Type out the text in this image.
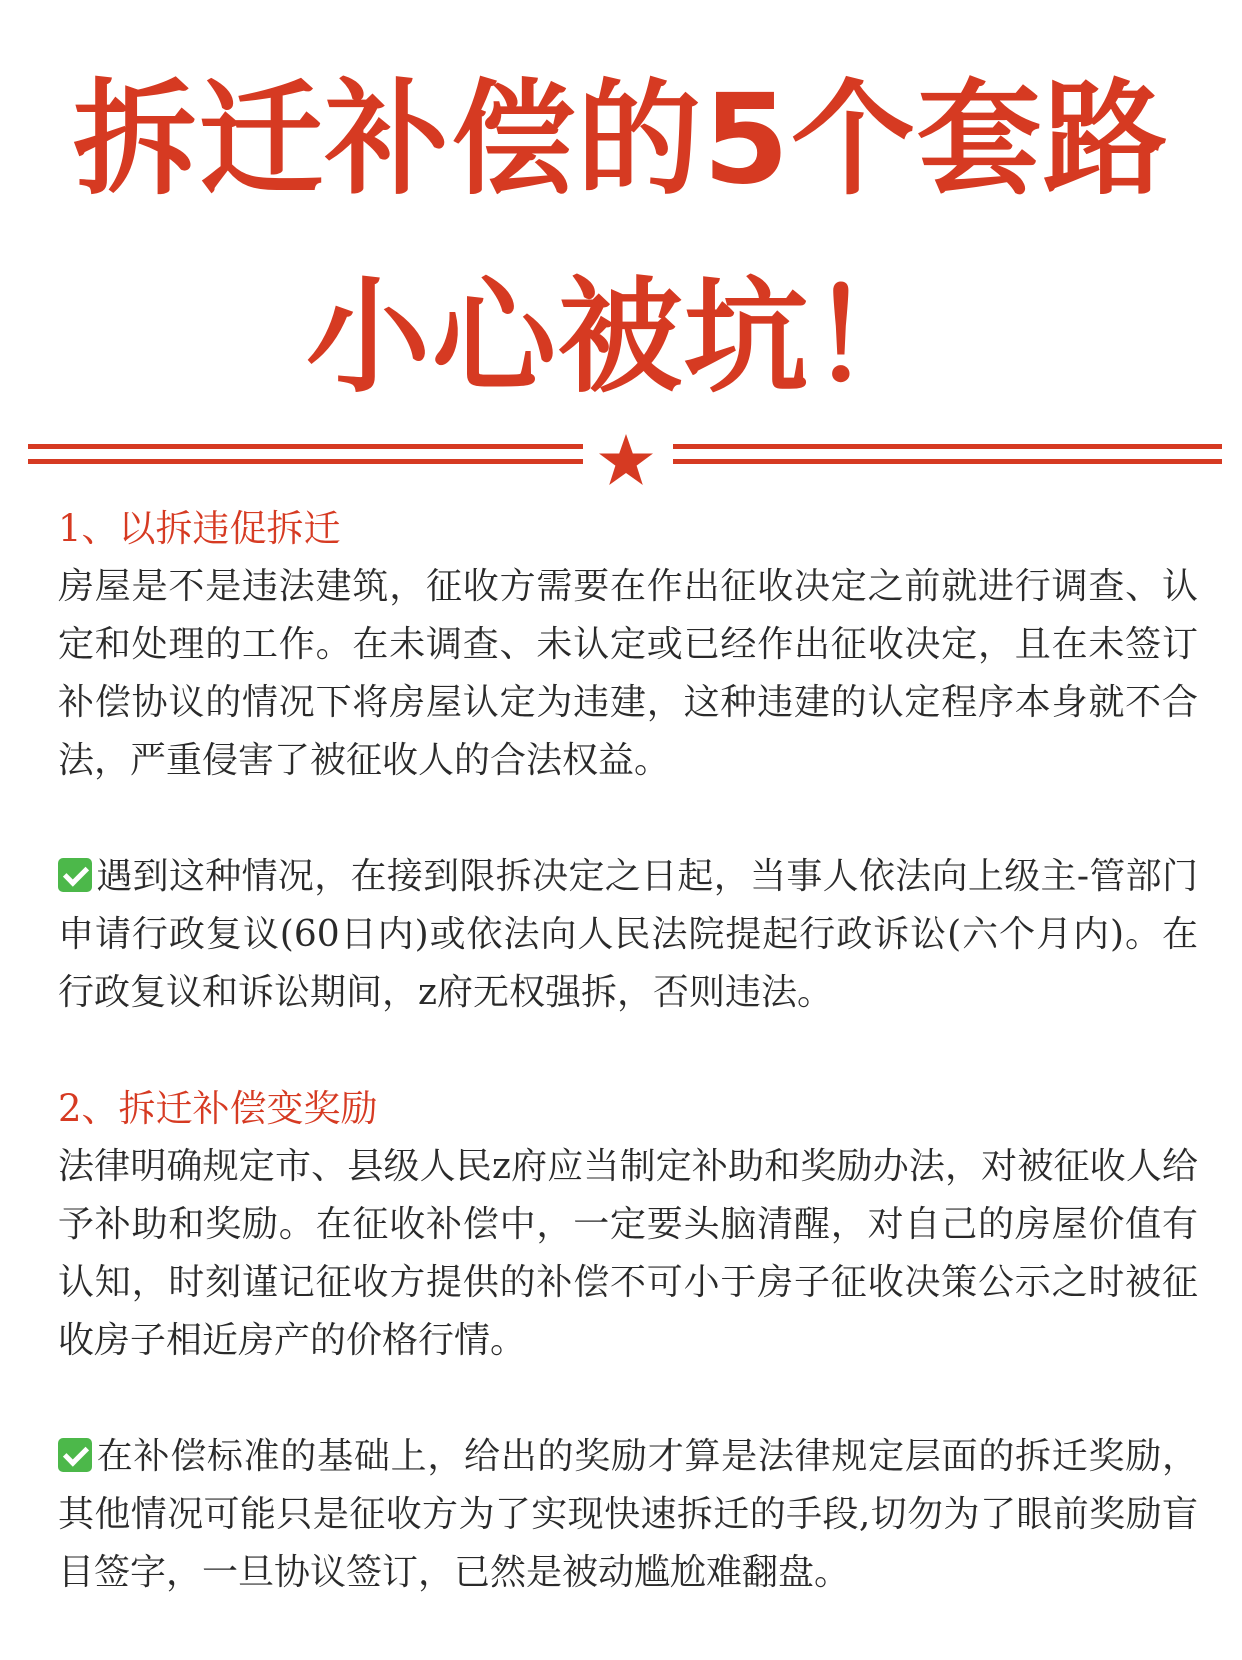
拆迁补偿的5个套路
小心被坑！
1、以拆违促拆迁

房屋是不是违法建筑，征收方需要在作出征收决定之前就进行调查、认定和处理的工作。在未调查、未认定或已经作出征收决定，且在未签订补偿协议的情况下将房屋认定为违建，这种违建的认定程序本身就不合法，严重侵害了被征收人的合法权益。

遇到这种情况，在接到限拆决定之日起，当事人依法向上级主-管部门申请行政复议(60日内)或依法向人民法院提起行政诉讼(六个月内)。在行政复议和诉讼期间，z府无权强拆，否则违法。

2、拆迁补偿变奖励

法律明确规定市、县级人民z府应当制定补助和奖励办法，对被征收人给予补助和奖励。在征收补偿中，一定要头脑清醒，对自己的房屋价值有认知，时刻谨记征收方提供的补偿不可小于房子征收决策公示之时被征收房子相近房产的价格行情。

在补偿标准的基础上，给出的奖励才算是法律规定层面的拆迁奖励，其他情况可能只是征收方为了实现快速拆迁的手段,切勿为了眼前奖励盲目签字，一旦协议签订，已然是被动尴尬难翻盘。
